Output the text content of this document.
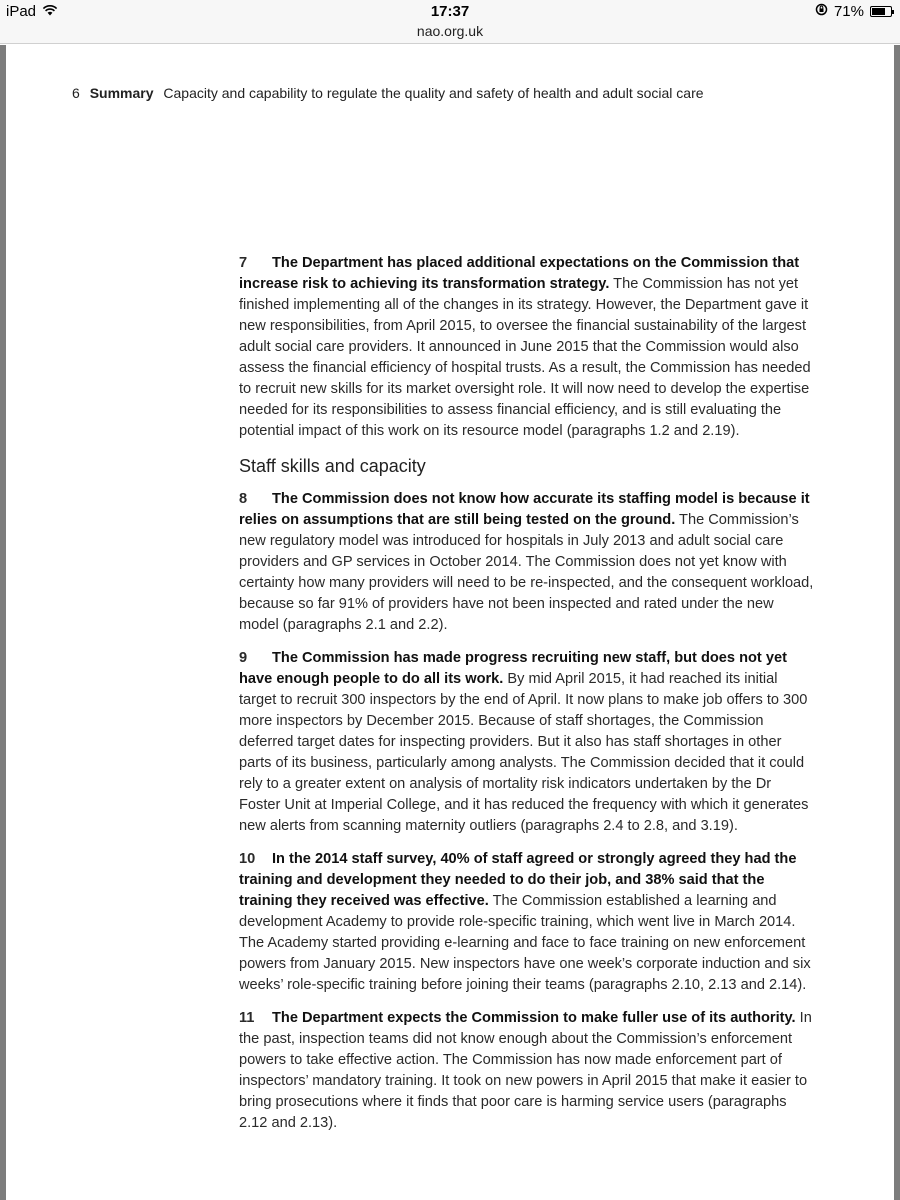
iPad	17:37	71%
nao.org.uk
6 Summary Capacity and capability to regulate the quality and safety of health and adult social care

7 The Department has placed additional expectations on the Commission that increase risk to achieving its transformation strategy. The Commission has not yet finished implementing all of the changes in its strategy. However, the Department gave it new responsibilities, from April 2015, to oversee the financial sustainability of the largest adult social care providers. It announced in June 2015 that the Commission would also assess the financial efficiency of hospital trusts. As a result, the Commission has needed to recruit new skills for its market oversight role. It will now need to develop the expertise needed for its responsibilities to assess financial efficiency, and is still evaluating the potential impact of this work on its resource model (paragraphs 1.2 and 2.19).

Staff skills and capacity

8 The Commission does not know how accurate its staffing model is because it relies on assumptions that are still being tested on the ground. The Commission’s new regulatory model was introduced for hospitals in July 2013 and adult social care providers and GP services in October 2014. The Commission does not yet know with certainty how many providers will need to be re-inspected, and the consequent workload, because so far 91% of providers have not been inspected and rated under the new model (paragraphs 2.1 and 2.2).

9 The Commission has made progress recruiting new staff, but does not yet have enough people to do all its work. By mid April 2015, it had reached its initial target to recruit 300 inspectors by the end of April. It now plans to make job offers to 300 more inspectors by December 2015. Because of staff shortages, the Commission deferred target dates for inspecting providers. But it also has staff shortages in other parts of its business, particularly among analysts. The Commission decided that it could rely to a greater extent on analysis of mortality risk indicators undertaken by the Dr Foster Unit at Imperial College, and it has reduced the frequency with which it generates new alerts from scanning maternity outliers (paragraphs 2.4 to 2.8, and 3.19).

10 In the 2014 staff survey, 40% of staff agreed or strongly agreed they had the training and development they needed to do their job, and 38% said that the training they received was effective. The Commission established a learning and development Academy to provide role-specific training, which went live in March 2014. The Academy started providing e-learning and face to face training on new enforcement powers from January 2015. New inspectors have one week’s corporate induction and six weeks’ role-specific training before joining their teams (paragraphs 2.10, 2.13 and 2.14).

11 The Department expects the Commission to make fuller use of its authority. In the past, inspection teams did not know enough about the Commission’s enforcement powers to take effective action. The Commission has now made enforcement part of inspectors’ mandatory training. It took on new powers in April 2015 that make it easier to bring prosecutions where it finds that poor care is harming service users (paragraphs 2.12 and 2.13).
